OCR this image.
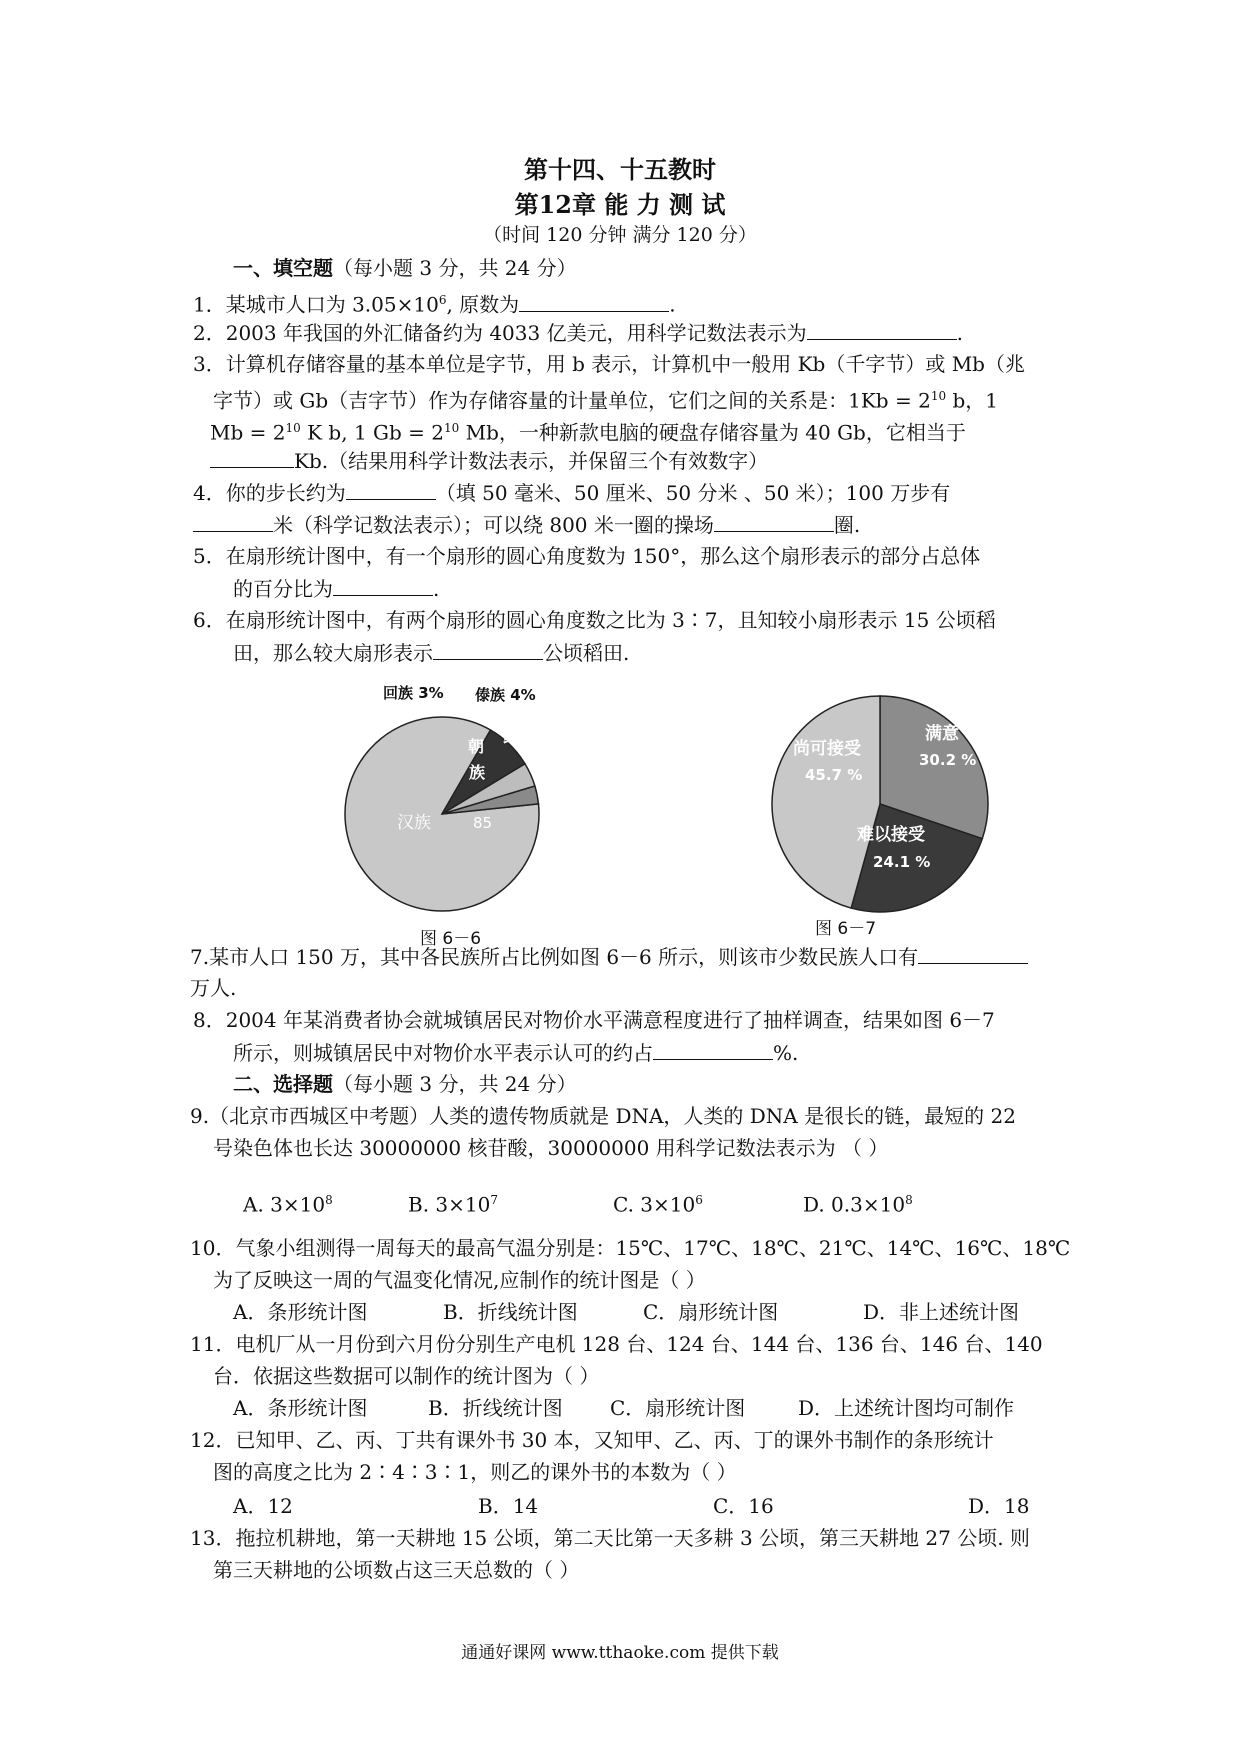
第十四、十五教时
第12章 能 力 测 试
（时间 120 分钟 满分 120 分）
一、填空题（每小题 3 分，共 24 分）
1．某城市人口为 $3.05\times 10^6$, 原数为	.
2．2003 年我国的外汇储备约为 4033 亿美元，用科学记数法表示为	.
3．计算机存储容量的基本单位是字节，用 b 表示，计算机中一般用 Kb（千字节）或 Mb（兆
字节）或 Gb（吉字节）作为存储容量的计量单位，它们之间的关系是：$1Kb = 2^{10}$ b，1
$Mb = 2^{10}$ K b, 1 $Gb = 2^{10}$ Mb，一种新款电脑的硬盘存储容量为 40 Gb，它相当于
Kb.（结果用科学计数法表示，并保留三个有效数字）
4．你的步长约为	（填 50 毫米、50 厘米、50 分米 、50 米）；100 万步有
米（科学记数法表示）；可以绕 800 米一圈的操场	圈.
5．在扇形统计图中，有一个扇形的圆心角度数为 150°，那么这个扇形表示的部分占总体
的百分比为	.
6．在扇形统计图中，有两个扇形的圆心角度数之比为 3∶7，且知较小扇形表示 15 公顷稻
田，那么较大扇形表示	公顷稻田.
回族 3% 傣族 4%
朝
鲜
族
汉族	85
图 6－6
满意
30.2 %
尚可接受
45.7 %
难以接受
24.1 %
图 6－7
7.某市人口 150 万，其中各民族所占比例如图 6－6 所示，则该市少数民族人口有
万人.
8．2004 年某消费者协会就城镇居民对物价水平满意程度进行了抽样调查，结果如图 6－7
所示，则城镇居民中对物价水平表示认可的约占	%.
二、选择题（每小题 3 分，共 24 分）
9.（北京市西城区中考题）人类的遗传物质就是 DNA，人类的 DNA 是很长的链，最短的 22
号染色体也长达 30000000 核苷酸，30000000 用科学记数法表示为 （ ）
A. $3\times 10^8$	B. $3\times 10^7$	C. $3\times 10^6$	D. $0.3\times 10^8$
10．气象小组测得一周每天的最高气温分别是：15℃、17℃、18℃、21℃、14℃、16℃、18℃
为了反映这一周的气温变化情况,应制作的统计图是（ ）
A．条形统计图	B．折线统计图	C．扇形统计图	D．非上述统计图
11．电机厂从一月份到六月份分别生产电机 128 台、124 台、144 台、136 台、146 台、140
台．依据这些数据可以制作的统计图为（ ）
A．条形统计图	B．折线统计图 C．扇形统计图	D．上述统计图均可制作
12．已知甲、乙、丙、丁共有课外书 30 本，又知甲、乙、丙、丁的课外书制作的条形统计
图的高度之比为 2∶4∶3∶1，则乙的课外书的本数为（ ）
A．12	B．14	C．16	D．18
13．拖拉机耕地，第一天耕地 15 公顷，第二天比第一天多耕 3 公顷，第三天耕地 27 公顷. 则
第三天耕地的公顷数占这三天总数的（ ）
通通好课网 www.tthaoke.com 提供下载
